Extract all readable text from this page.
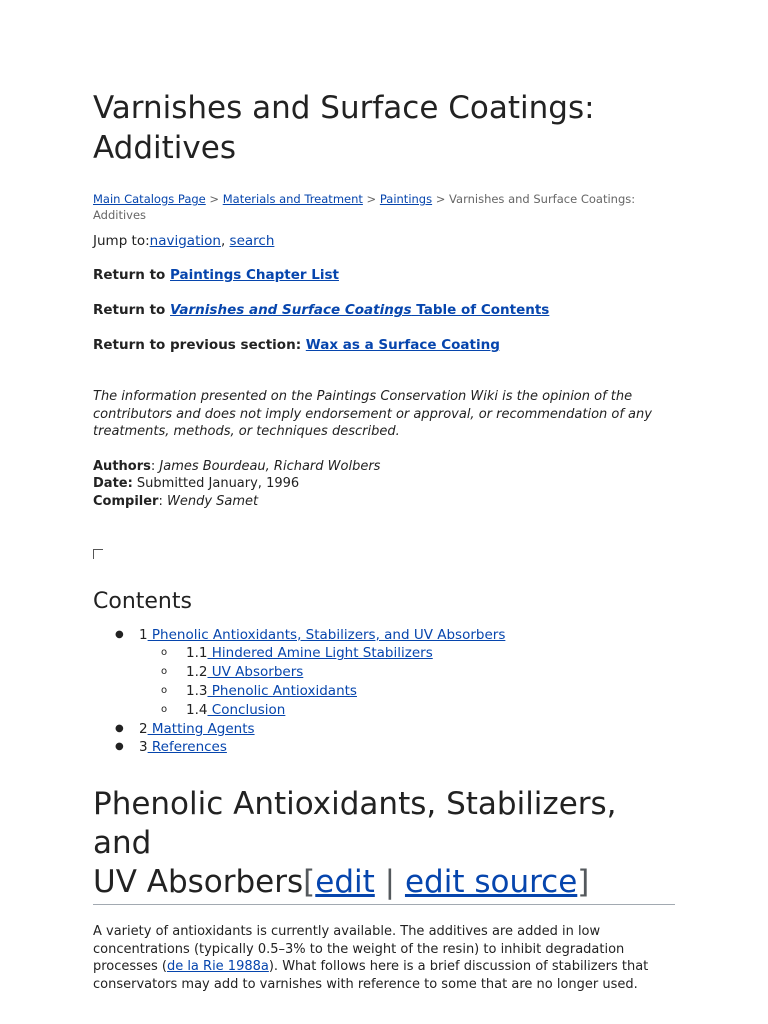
Varnishes and Surface Coatings:
Additives
Main Catalogs Page > Materials and Treatment > Paintings > Varnishes and Surface Coatings: Additives
Jump to:navigation, search
Return to Paintings Chapter List
Return to Varnishes and Surface Coatings Table of Contents
Return to previous section: Wax as a Surface Coating
The information presented on the Paintings Conservation Wiki is the opinion of the contributors and does not imply endorsement or approval, or recommendation of any treatments, methods, or techniques described.
Authors: James Bourdeau, Richard Wolbers
Date: Submitted January, 1996
Compiler: Wendy Samet
Contents
● 1 Phenolic Antioxidants, Stabilizers, and UV Absorbers
o 1.1 Hindered Amine Light Stabilizers
o 1.2 UV Absorbers
o 1.3 Phenolic Antioxidants
o 1.4 Conclusion
● 2 Matting Agents
● 3 References
Phenolic Antioxidants, Stabilizers, and
UV Absorbers[edit | edit source]
A variety of antioxidants is currently available. The additives are added in low concentrations (typically 0.5–3% to the weight of the resin) to inhibit degradation processes (de la Rie 1988a). What follows here is a brief discussion of stabilizers that conservators may add to varnishes with reference to some that are no longer used.
